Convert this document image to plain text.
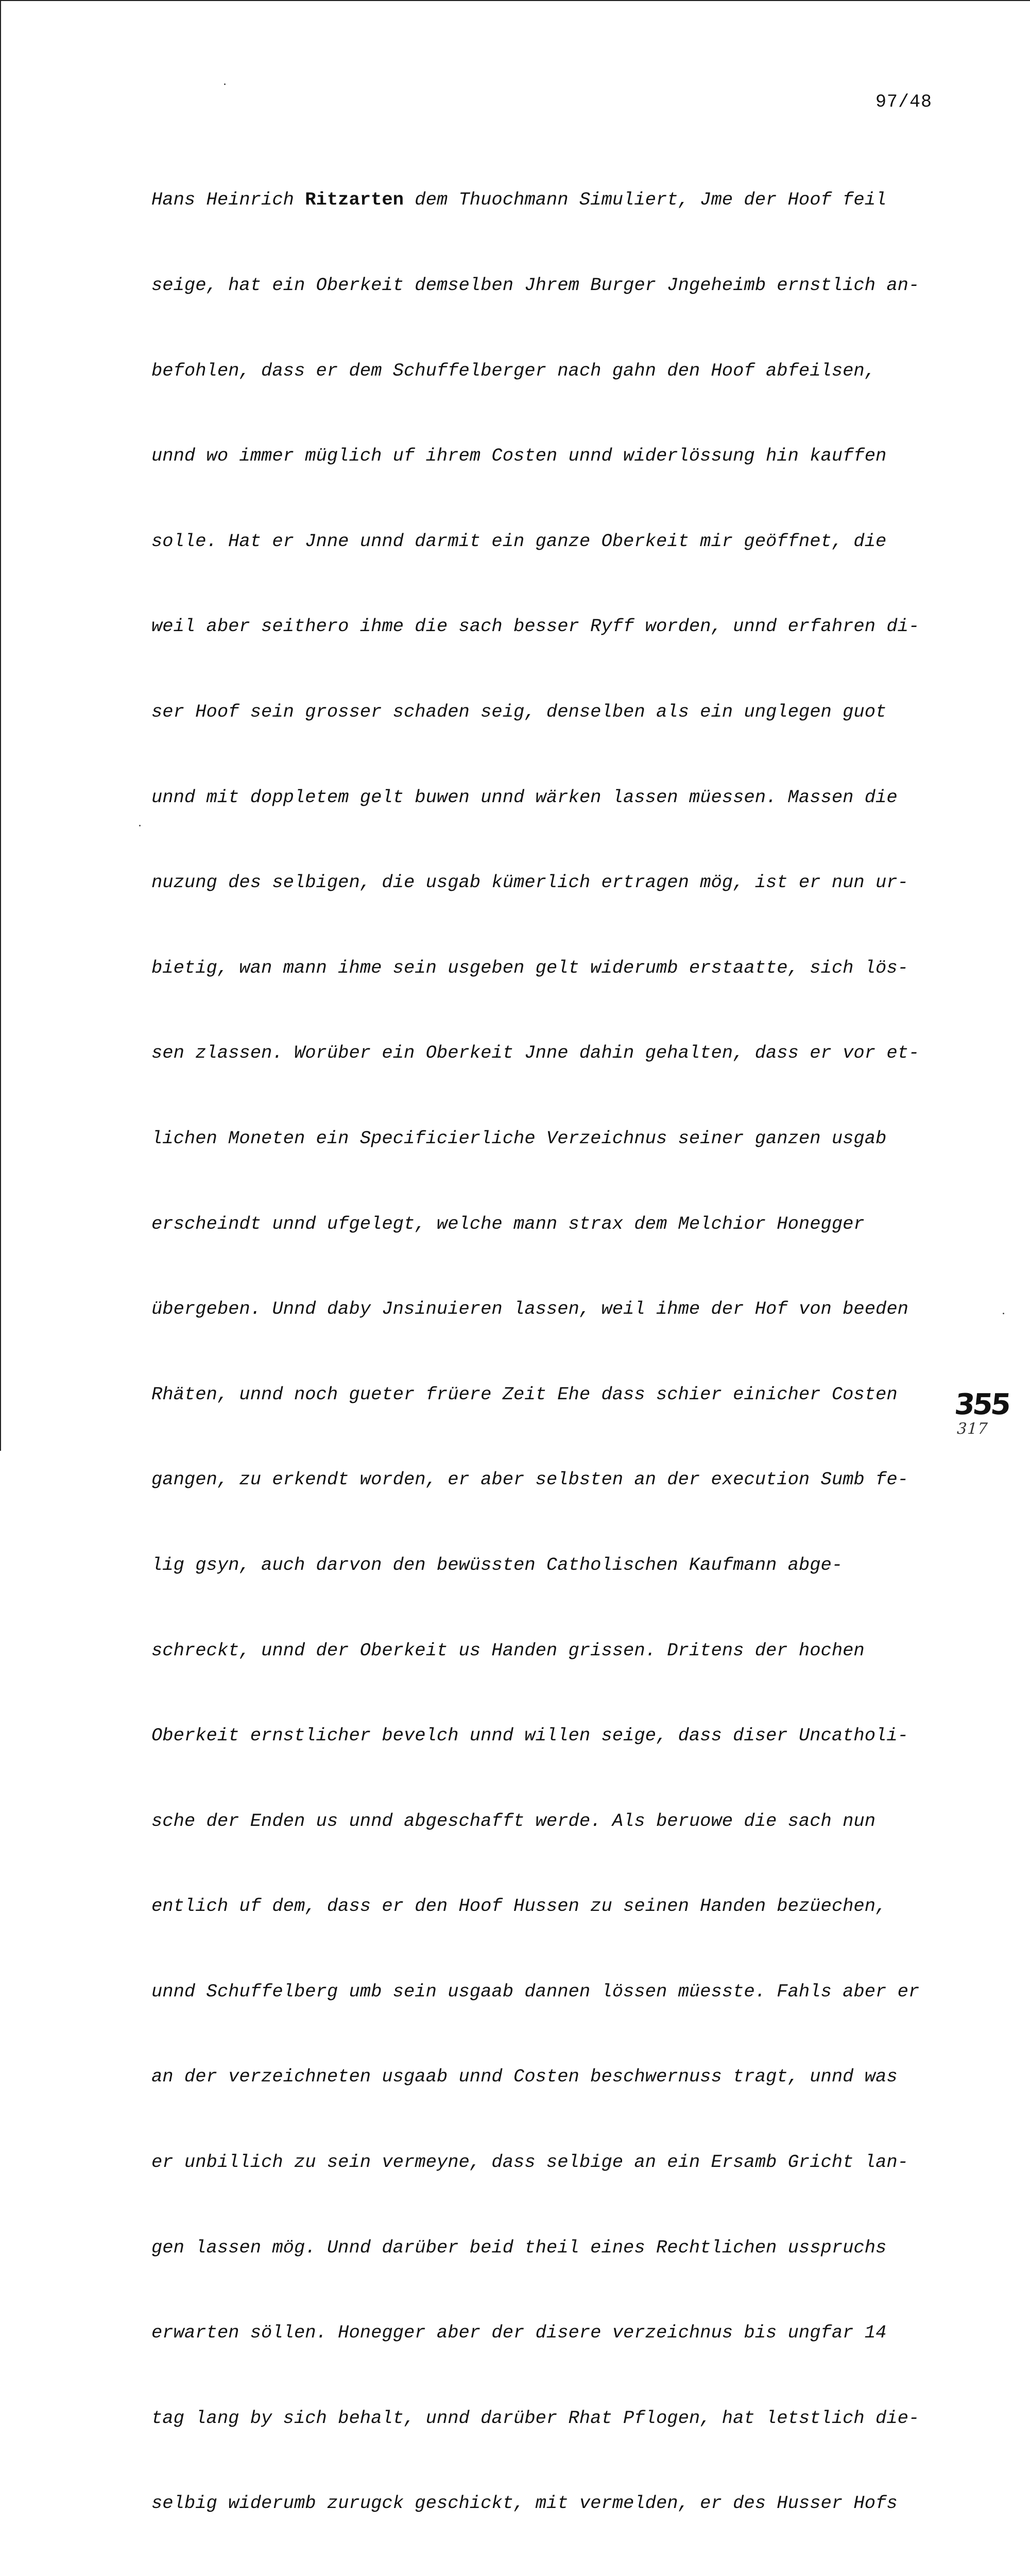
97/48

Hans Heinrich Ritzarten dem Thuochmann Simuliert, Jme der Hoof feil

seige, hat ein Oberkeit demselben Jhrem Burger Jngeheimb ernstlich an-

befohlen, dass er dem Schuffelberger nach gahn den Hoof abfeilsen,

unnd wo immer müglich uf ihrem Costen unnd widerlössung hin kauffen

solle. Hat er Jnne unnd darmit ein ganze Oberkeit mir geöffnet, die

weil aber seithero ihme die sach besser Ryff worden, unnd erfahren di-

ser Hoof sein grosser schaden seig, denselben als ein unglegen guot

unnd mit doppletem gelt buwen unnd wärken lassen müessen. Massen die

nuzung des selbigen, die usgab kümerlich ertragen mög, ist er nun ur-

bietig, wan mann ihme sein usgeben gelt widerumb erstaatte, sich lös-

sen zlassen. Worüber ein Oberkeit Jnne dahin gehalten, dass er vor et-

lichen Moneten ein Specificierliche Verzeichnus seiner ganzen usgab

erscheindt unnd ufgelegt, welche mann strax dem Melchior Honegger

übergeben. Unnd daby Jnsinuieren lassen, weil ihme der Hof von beeden

Rhäten, unnd noch gueter früere Zeit Ehe dass schier einicher Costen

gangen, zu erkendt worden, er aber selbsten an der execution Sumb fe-

lig gsyn, auch darvon den bewüssten Catholischen Kaufmann abge-

schreckt, unnd der Oberkeit us Handen grissen. Dritens der hochen

Oberkeit ernstlicher bevelch unnd willen seige, dass diser Uncatholi-

sche der Enden us unnd abgeschafft werde. Als beruowe die sach nun

entlich uf dem, dass er den Hoof Hussen zu seinen Handen bezüechen,

unnd Schuffelberg umb sein usgaab dannen lössen müesste. Fahls aber er

an der verzeichneten usgaab unnd Costen beschwernuss tragt, unnd was

er unbillich zu sein vermeyne, dass selbige an ein Ersamb Gricht lan-

gen lassen mög. Unnd darüber beid theil eines Rechtlichen usspruchs

erwarten söllen. Honegger aber der disere verzeichnus bis ungfar 14

tag lang by sich behalt, unnd darüber Rhat Pflogen, hat letstlich die-

selbig widerumb zurugck geschickt, mit vermelden, er des Husser Hofs

355
317
